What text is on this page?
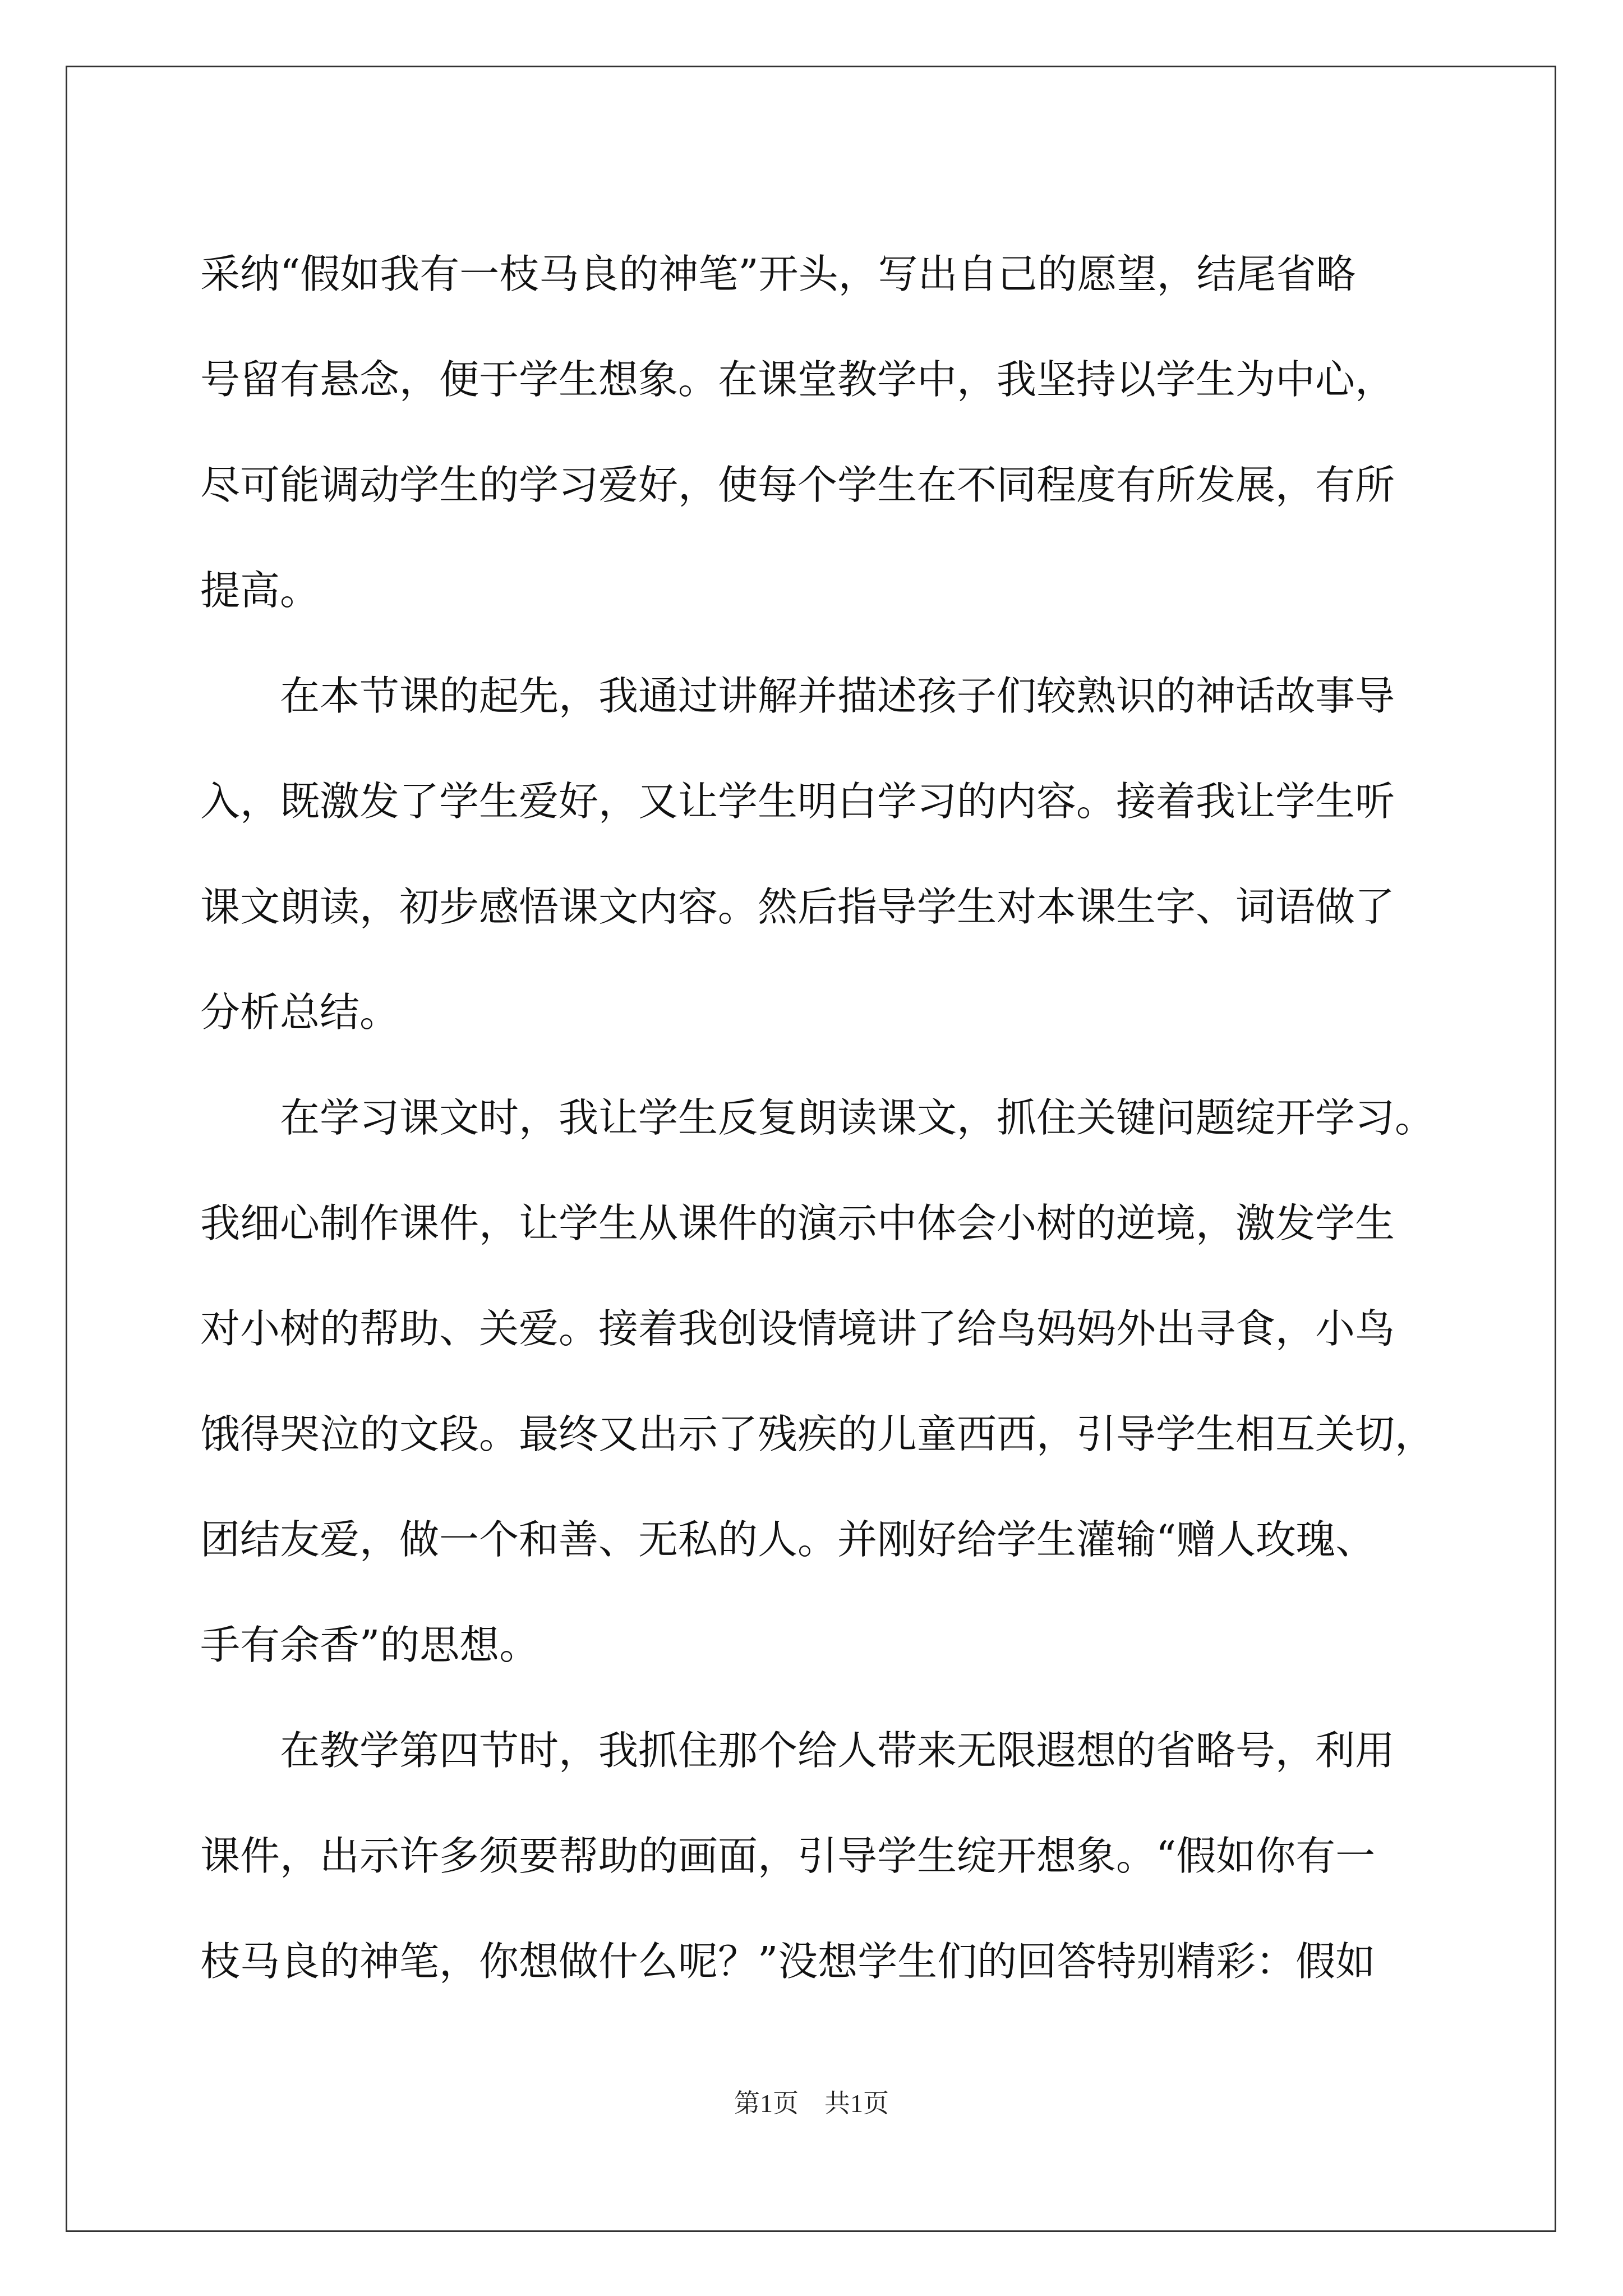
采纳“假如我有一枝马良的神笔”开头，写出自己的愿望，结尾省略
号留有悬念，便于学生想象。在课堂教学中，我坚持以学生为中心，
尽可能调动学生的学习爱好，使每个学生在不同程度有所发展，有所
提高。
在本节课的起先，我通过讲解并描述孩子们较熟识的神话故事导
入，既激发了学生爱好，又让学生明白学习的内容。接着我让学生听
课文朗读，初步感悟课文内容。然后指导学生对本课生字、词语做了
分析总结。
在学习课文时，我让学生反复朗读课文，抓住关键问题绽开学习。
我细心制作课件，让学生从课件的演示中体会小树的逆境，激发学生
对小树的帮助、关爱。接着我创设情境讲了给鸟妈妈外出寻食，小鸟
饿得哭泣的文段。最终又出示了残疾的儿童西西，引导学生相互关切，
团结友爱，做一个和善、无私的人。并刚好给学生灌输“赠人玫瑰、
手有余香”的思想。
在教学第四节时，我抓住那个给人带来无限遐想的省略号，利用
课件，出示许多须要帮助的画面，引导学生绽开想象。“假如你有一
枝马良的神笔，你想做什么呢？”没想学生们的回答特别精彩：假如
第1页 共1页
